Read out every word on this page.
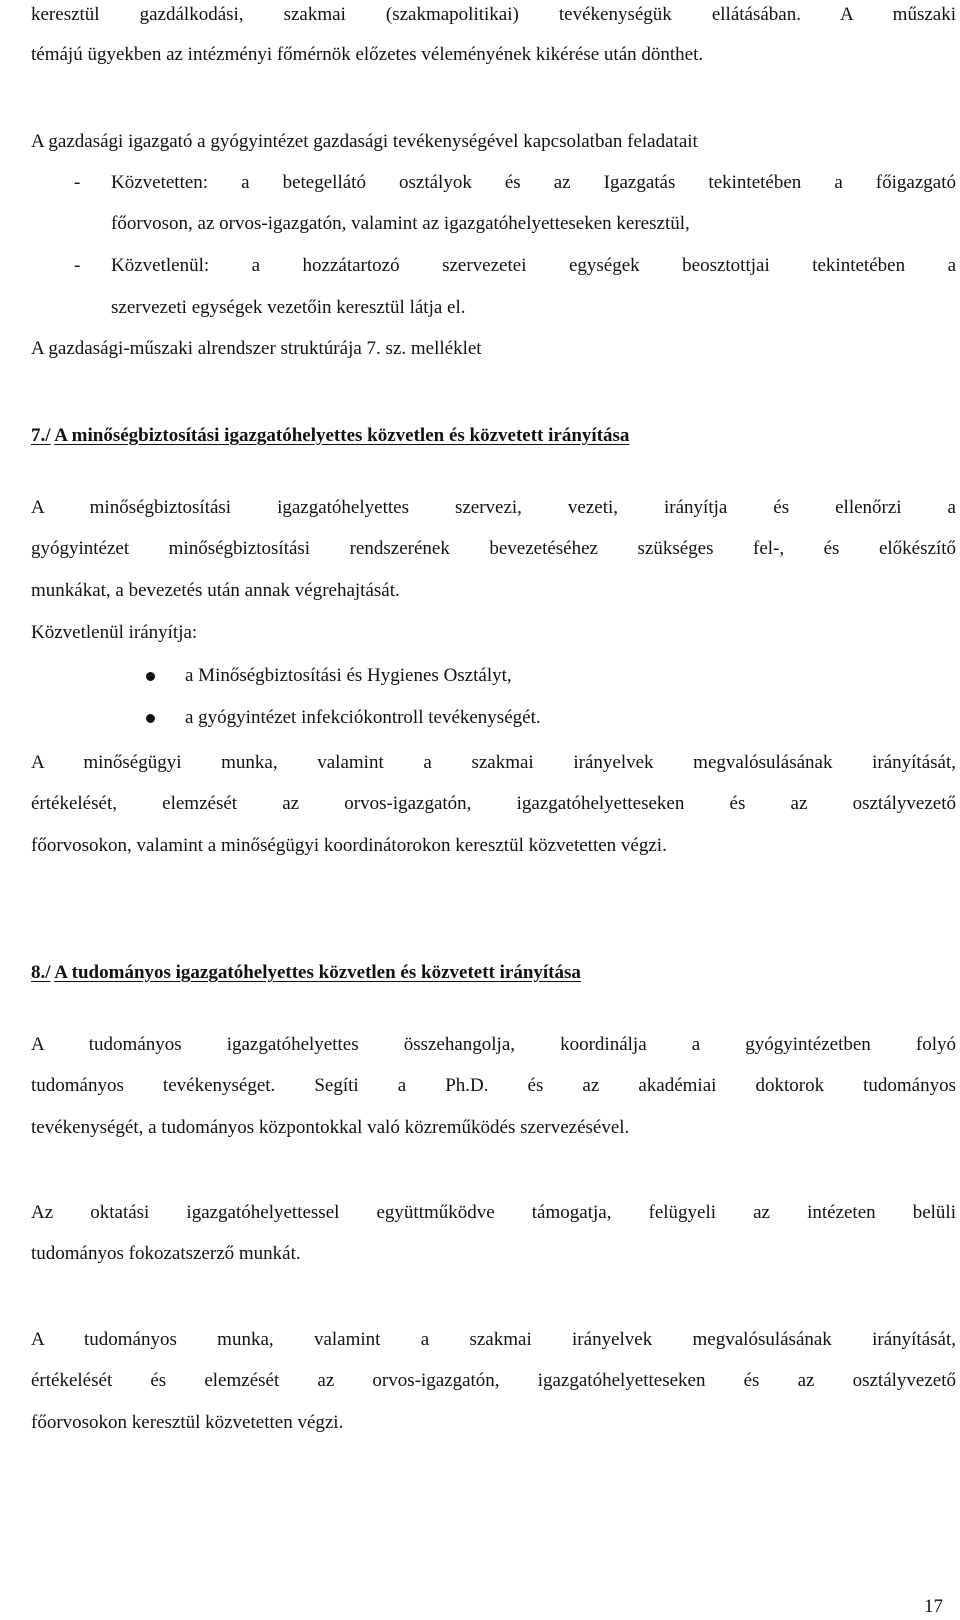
keresztül gazdálkodási, szakmai (szakmapolitikai) tevékenységük ellátásában. A műszaki
témájú ügyekben az intézményi főmérnök előzetes véleményének kikérése után dönthet.
A gazdasági igazgató a gyógyintézet gazdasági tevékenységével kapcsolatban feladatait
- Közvetetten: a betegellátó osztályok és az Igazgatás tekintetében a főigazgató
főorvoson, az orvos-igazgatón, valamint az igazgatóhelyetteseken keresztül,
- Közvetlenül: a hozzátartozó szervezetei egységek beosztottjai tekintetében a
szervezeti egységek vezetőin keresztül látja el.
A gazdasági-műszaki alrendszer struktúrája 7. sz. melléklet
7./ A minőségbiztosítási igazgatóhelyettes közvetlen és közvetett irányítása
A minőségbiztosítási igazgatóhelyettes szervezi, vezeti, irányítja és ellenőrzi a
gyógyintézet minőségbiztosítási rendszerének bevezetéséhez szükséges fel-, és előkészítő
munkákat, a bevezetés után annak végrehajtását.
Közvetlenül irányítja:
a Minőségbiztosítási és Hygienes Osztályt,
a gyógyintézet infekciókontroll tevékenységét.
A minőségügyi munka, valamint a szakmai irányelvek megvalósulásának irányítását,
értékelését, elemzését az orvos-igazgatón, igazgatóhelyetteseken és az osztályvezető
főorvosokon, valamint a minőségügyi koordinátorokon keresztül közvetetten végzi.
8./ A tudományos igazgatóhelyettes közvetlen és közvetett irányítása
A tudományos igazgatóhelyettes összehangolja, koordinálja a gyógyintézetben folyó
tudományos tevékenységet. Segíti a Ph.D. és az akadémiai doktorok tudományos
tevékenységét, a tudományos központokkal való közreműködés szervezésével.
Az oktatási igazgatóhelyettessel együttműködve támogatja, felügyeli az intézeten belüli
tudományos fokozatszerző munkát.
A tudományos munka, valamint a szakmai irányelvek megvalósulásának irányítását,
értékelését és elemzését az orvos-igazgatón, igazgatóhelyetteseken és az osztályvezető
főorvosokon keresztül közvetetten végzi.
17
